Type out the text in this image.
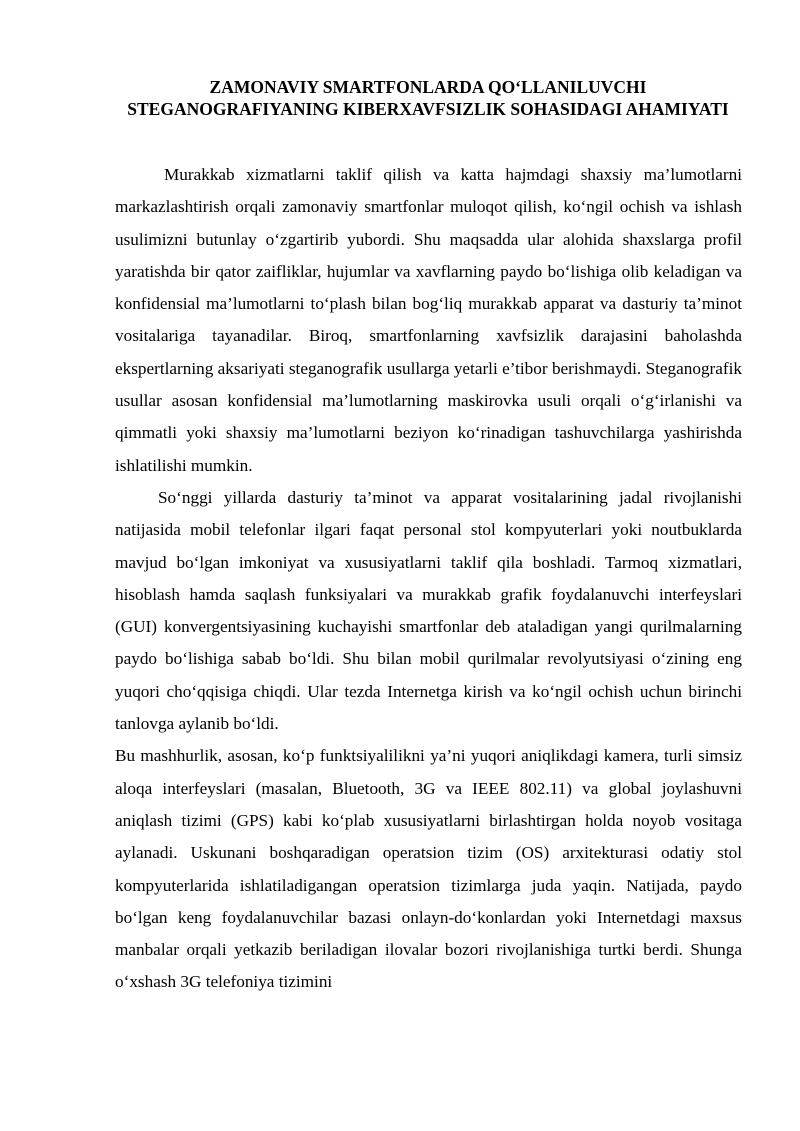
ZAMONAVIY SMARTFONLARDA QO‘LLANILUVCHI STEGANOGRAFIYANING KIBERXAVFSIZLIK SOHASIDAGI AHAMIYATI

Murakkab xizmatlarni taklif qilish va katta hajmdagi shaxsiy ma’lumotlarni markazlashtirish orqali zamonaviy smartfonlar muloqot qilish, ko‘ngil ochish va ishlash usulimizni butunlay o‘zgartirib yubordi. Shu maqsadda ular alohida shaxslarga profil yaratishda bir qator zaifliklar, hujumlar va xavflarning paydo bo‘lishiga olib keladigan va konfidensial ma’lumotlarni to‘plash bilan bog‘liq murakkab apparat va dasturiy ta’minot vositalariga tayanadilar. Biroq, smartfonlarning xavfsizlik darajasini baholashda ekspertlarning aksariyati steganografik usullarga yetarli e’tibor berishmaydi. Steganografik usullar asosan konfidensial ma’lumotlarning maskirovka usuli orqali o‘g‘irlanishi va qimmatli yoki shaxsiy ma’lumotlarni beziyon ko‘rinadigan tashuvchilarga yashirishda ishlatilishi mumkin.

So‘nggi yillarda dasturiy ta’minot va apparat vositalarining jadal rivojlanishi natijasida mobil telefonlar ilgari faqat personal stol kompyuterlari yoki noutbuklarda mavjud bo‘lgan imkoniyat va xususiyatlarni taklif qila boshladi. Tarmoq xizmatlari, hisoblash hamda saqlash funksiyalari va murakkab grafik foydalanuvchi interfeyslari (GUI) konvergentsiyasining kuchayishi smartfonlar deb ataladigan yangi qurilmalarning paydo bo‘lishiga sabab bo‘ldi. Shu bilan mobil qurilmalar revolyutsiyasi o‘zining eng yuqori cho‘qqisiga chiqdi. Ular tezda Internetga kirish va ko‘ngil ochish uchun birinchi tanlovga aylanib bo‘ldi.

Bu mashhurlik, asosan, ko‘p funktsiyalilikni ya’ni yuqori aniqlikdagi kamera, turli simsiz aloqa interfeyslari (masalan, Bluetooth, 3G va IEEE 802.11) va global joylashuvni aniqlash tizimi (GPS) kabi ko‘plab xususiyatlarni birlashtirgan holda noyob vositaga aylanadi. Uskunani boshqaradigan operatsion tizim (OS) arxitekturasi odatiy stol kompyuterlarida ishlatiladigangan operatsion tizimlarga juda yaqin. Natijada, paydo bo‘lgan keng foydalanuvchilar bazasi onlayn-do‘konlardan yoki Internetdagi maxsus manbalar orqali yetkazib beriladigan ilovalar bozori rivojlanishiga turtki berdi. Shunga o‘xshash 3G telefoniya tizimini
